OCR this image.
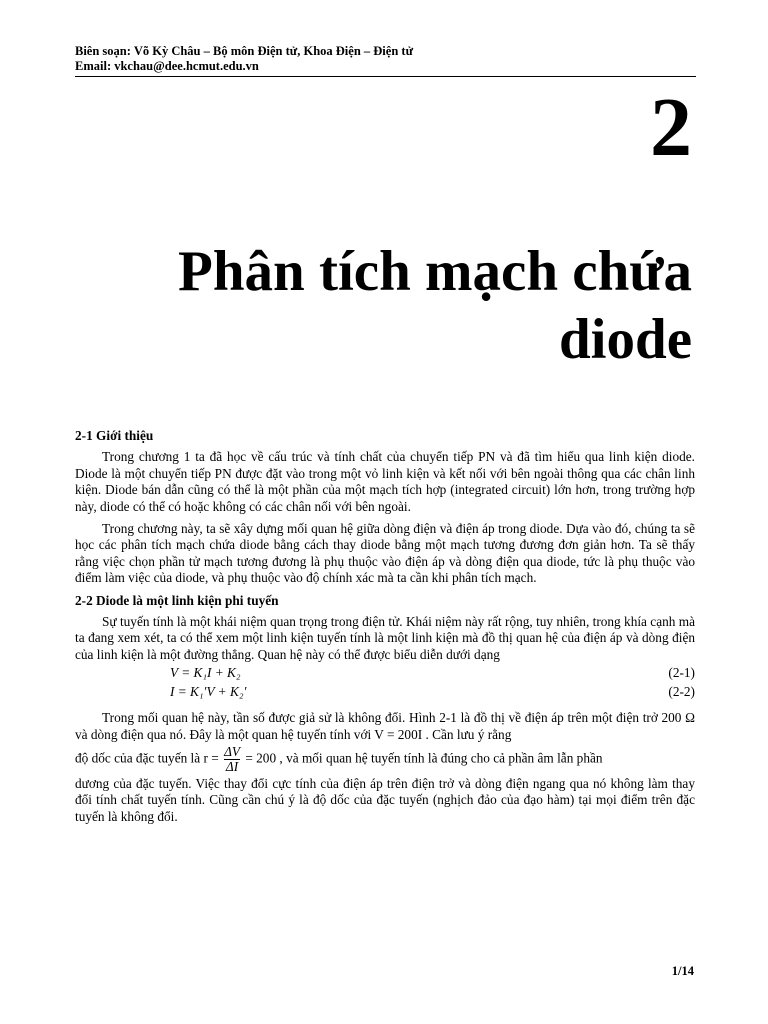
Biên soạn: Võ Kỳ Châu – Bộ môn Điện tử, Khoa Điện – Điện tử
Email: vkchau@dee.hcmut.edu.vn
2
Phân tích mạch chứa
diode
2-1 Giới thiệu

Trong chương 1 ta đã học về cấu trúc và tính chất của chuyển tiếp PN và đã tìm hiểu qua linh kiện diode. Diode là một chuyển tiếp PN được đặt vào trong một vỏ linh kiện và kết nối với bên ngoài thông qua các chân linh kiện. Diode bán dẫn cũng có thể là một phần của một mạch tích hợp (integrated circuit) lớn hơn, trong trường hợp này, diode có thể có hoặc không có các chân nối với bên ngoài.

Trong chương này, ta sẽ xây dựng mối quan hệ giữa dòng điện và điện áp trong diode. Dựa vào đó, chúng ta sẽ học các phân tích mạch chứa diode bằng cách thay diode bằng một mạch tương đương đơn giản hơn. Ta sẽ thấy rằng việc chọn phần tử mạch tương đương là phụ thuộc vào điện áp và dòng điện qua diode, tức là phụ thuộc vào điểm làm việc của diode, và phụ thuộc vào độ chính xác mà ta cần khi phân tích mạch.

2-2 Diode là một linh kiện phi tuyến

Sự tuyến tính là một khái niệm quan trọng trong điện tử. Khái niệm này rất rộng, tuy nhiên, trong khía cạnh mà ta đang xem xét, ta có thể xem một linh kiện tuyến tính là một linh kiện mà đồ thị quan hệ của điện áp và dòng điện của linh kiện là một đường thẳng. Quan hệ này có thể được biểu diễn dưới dạng

V = K₁I + K₂	(2-1)
I = K₁′V + K₂′	(2-2)

Trong mối quan hệ này, tần số được giả sử là không đổi. Hình 2-1 là đồ thị về điện áp trên một điện trở 200 Ω và dòng điện qua nó. Đây là một quan hệ tuyến tính với V = 200I . Cần lưu ý rằng

độ dốc của đặc tuyến là $r = \frac{\Delta V}{\Delta I} = 200$ , và mối quan hệ tuyến tính là đúng cho cả phần âm lẫn phần

dương của đặc tuyến. Việc thay đổi cực tính của điện áp trên điện trở và dòng điện ngang qua nó không làm thay đổi tính chất tuyến tính. Cũng cần chú ý là độ dốc của đặc tuyến (nghịch đảo của đạo hàm) tại mọi điểm trên đặc tuyến là không đổi.

1/14
